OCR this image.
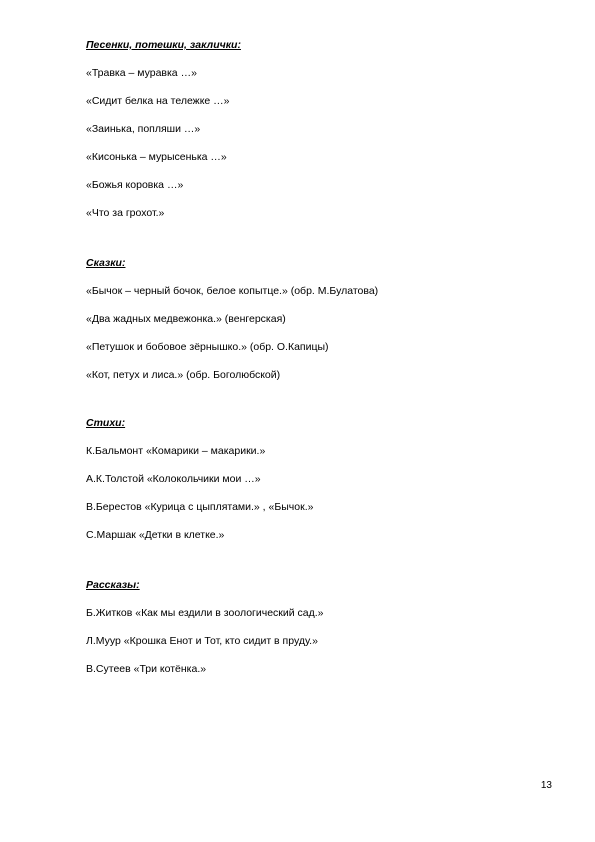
Песенки, потешки, заклички:
«Травка – муравка …»
«Сидит белка на тележке …»
«Заинька, попляши …»
«Кисонька – мурысенька …»
«Божья коровка …»
«Что за грохот.»
Сказки:
«Бычок – черный бочок, белое копытце.» (обр. М.Булатова)
«Два жадных медвежонка.» (венгерская)
«Петушок и бобовое зёрнышко.» (обр. О.Капицы)
«Кот, петух и лиса.» (обр. Боголюбской)
Стихи:
К.Бальмонт «Комарики – макарики.»
А.К.Толстой «Колокольчики мои …»
В.Берестов «Курица с цыплятами.» , «Бычок.»
С.Маршак «Детки в клетке.»
Рассказы:
Б.Житков «Как мы ездили в зоологический сад.»
Л.Муур «Крошка Енот и Тот, кто сидит в пруду.»
В.Сутеев «Три котёнка.»
13
